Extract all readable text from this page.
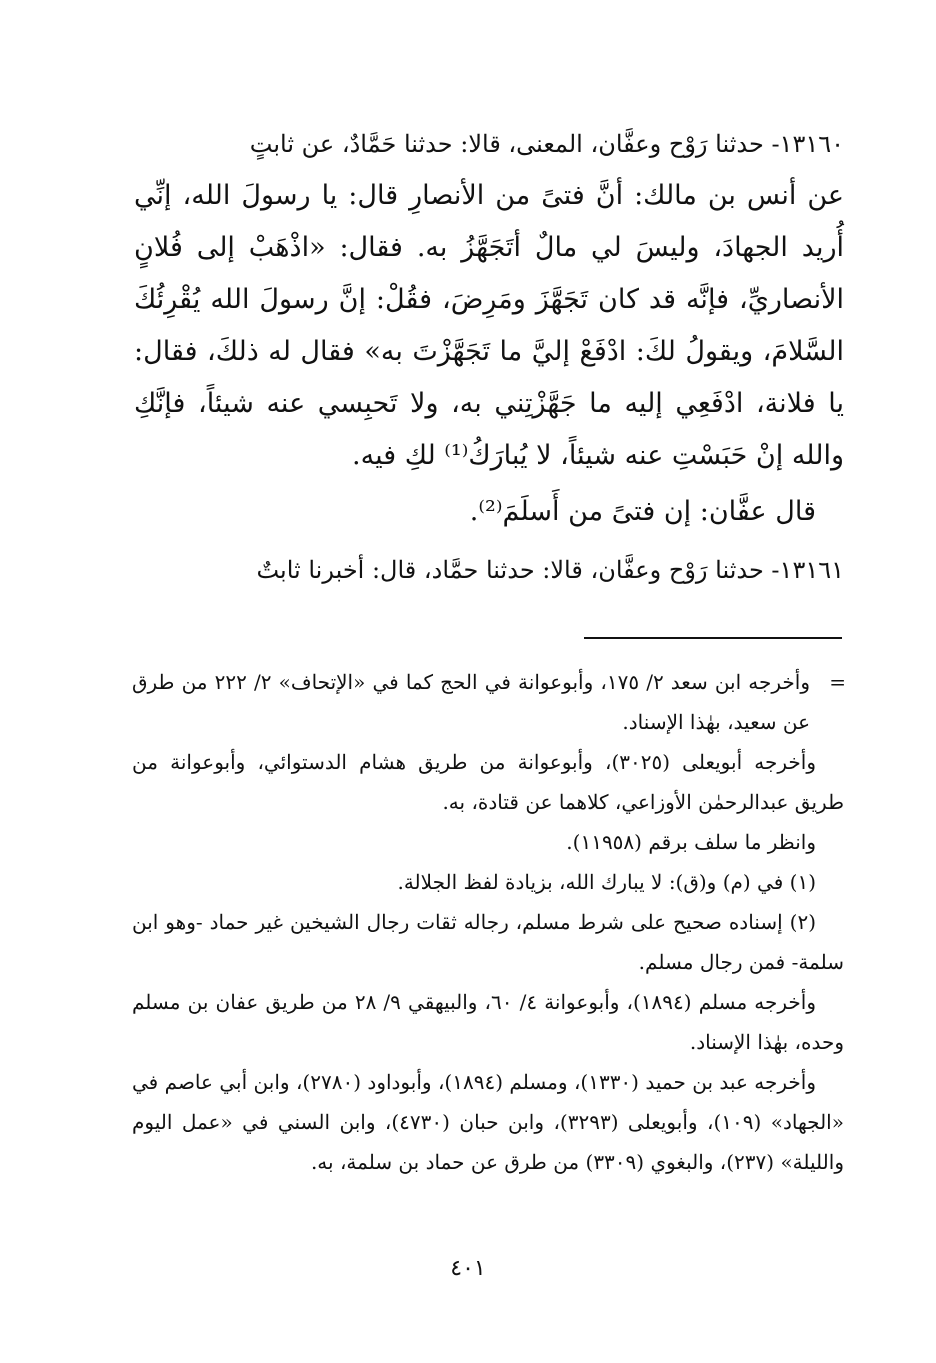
١٣١٦٠- حدثنا رَوْح وعفَّان، المعنى، قالا: حدثنا حَمَّادٌ، عن ثابتٍ

عن أنس بن مالك: أنَّ فتىً من الأنصارِ قال: يا رسولَ الله، إنِّي أُريد الجهادَ، وليسَ لي مالٌ أتَجَهَّزُ به. فقال: «اذْهَبْ إلى فُلانٍ الأنصاريِّ، فإنَّه قد كان تَجَهَّزَ ومَرِضَ، فقُلْ: إنَّ رسولَ الله يُقْرِئُكَ السَّلامَ، ويقولُ لكَ: ادْفَعْ إليَّ ما تَجَهَّزْتَ به» فقال له ذلكَ، فقال: يا فلانة، ادْفَعِي إليه ما جَهَّزْتِني به، ولا تَحبِسي عنه شيئاً، فإنَّكِ والله إنْ حَبَسْتِ عنه شيئاً، لا يُبارَكُ⁽¹⁾ لكِ فيه.

قال عفَّان: إن فتىً من أَسلَمَ⁽²⁾.

١٣١٦١- حدثنا رَوْح وعفَّان، قالا: حدثنا حمَّاد، قال: أخبرنا ثابتٌ

=
وأخرجه ابن سعد ٢/ ١٧٥، وأبوعوانة في الحج كما في «الإتحاف» ٢/ ٢٢٢ من طرق عن سعيد، بهٰذا الإسناد.

وأخرجه أبويعلى (٣٠٢٥)، وأبوعوانة من طريق هشام الدستوائي، وأبوعوانة من طريق عبدالرحمٰن الأوزاعي، كلاهما عن قتادة، به.

وانظر ما سلف برقم (١١٩٥٨).

(١) في (م) و(ق): لا يبارك الله، بزيادة لفظ الجلالة.

(٢) إسناده صحيح على شرط مسلم، رجاله ثقات رجال الشيخين غير حماد -وهو ابن سلمة- فمن رجال مسلم.

وأخرجه مسلم (١٨٩٤)، وأبوعوانة ٤/ ٦٠، والبيهقي ٩/ ٢٨ من طريق عفان بن مسلم وحده، بهٰذا الإسناد.

وأخرجه عبد بن حميد (١٣٣٠)، ومسلم (١٨٩٤)، وأبوداود (٢٧٨٠)، وابن أبي عاصم في «الجهاد» (١٠٩)، وأبويعلى (٣٢٩٣)، وابن حبان (٤٧٣٠)، وابن السني في «عمل اليوم والليلة» (٢٣٧)، والبغوي (٣٣٠٩) من طرق عن حماد بن سلمة، به.

٤٠١
